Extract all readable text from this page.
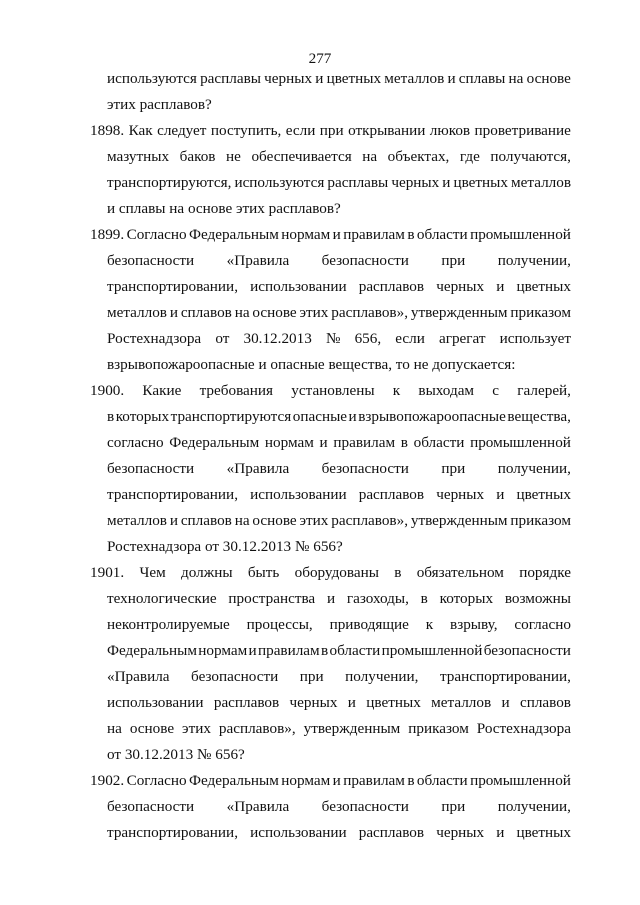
277
используются расплавы черных и цветных металлов и сплавы на основе
этих расплавов?
1898. Как следует поступить, если при открывании люков проветривание
мазутных баков не обеспечивается на объектах, где получаются,
транспортируются, используются расплавы черных и цветных металлов
и сплавы на основе этих расплавов?
1899. Согласно Федеральным нормам и правилам в области промышленной
безопасности «Правила безопасности при получении,
транспортировании, использовании расплавов черных и цветных
металлов и сплавов на основе этих расплавов», утвержденным приказом
Ростехнадзора от 30.12.2013 № 656, если агрегат использует
взрывопожароопасные и опасные вещества, то не допускается:
1900. Какие требования установлены к выходам с галерей,
в которых транспортируются опасные и взрывопожароопасные вещества,
согласно Федеральным нормам и правилам в области промышленной
безопасности «Правила безопасности при получении,
транспортировании, использовании расплавов черных и цветных
металлов и сплавов на основе этих расплавов», утвержденным приказом
Ростехнадзора от 30.12.2013 № 656?
1901. Чем должны быть оборудованы в обязательном порядке
технологические пространства и газоходы, в которых возможны
неконтролируемые процессы, приводящие к взрыву, согласно
Федеральным нормам и правилам в области промышленной безопасности
«Правила безопасности при получении, транспортировании,
использовании расплавов черных и цветных металлов и сплавов
на основе этих расплавов», утвержденным приказом Ростехнадзора
от 30.12.2013 № 656?
1902. Согласно Федеральным нормам и правилам в области промышленной
безопасности «Правила безопасности при получении,
транспортировании, использовании расплавов черных и цветных
